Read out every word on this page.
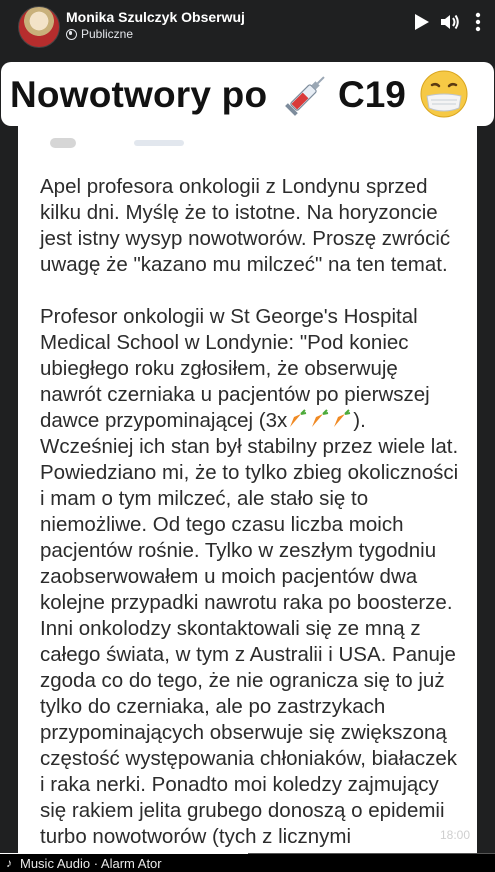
Monika Szulczyk Obserwuj
Publiczne
Nowotwory po C19

Apel profesora onkologii z Londynu sprzed
kilku dni. Myślę że to istotne. Na horyzoncie
jest istny wysyp nowotworów. Proszę zwrócić
uwagę że "kazano mu milczeć" na ten temat.

Profesor onkologii w St George's Hospital
Medical School w Londynie: "Pod koniec
ubiegłego roku zgłosiłem, że obserwuję
nawrót czerniaka u pacjentów po pierwszej
dawce przypominającej (3x	).
Wcześniej ich stan był stabilny przez wiele lat.
Powiedziano mi, że to tylko zbieg okoliczności
i mam o tym milczeć, ale stało się to
niemożliwe. Od tego czasu liczba moich
pacjentów rośnie. Tylko w zeszłym tygodniu
zaobserwowałem u moich pacjentów dwa
kolejne przypadki nawrotu raka po boosterze.
Inni onkolodzy skontaktowali się ze mną z
całego świata, w tym z Australii i USA. Panuje
zgoda co do tego, że nie ogranicza się to już
tylko do czerniaka, ale po zastrzykach
przypominających obserwuje się zwiększoną
częstość występowania chłoniaków, białaczek
i raka nerki. Ponadto moi koledzy zajmujący
się rakiem jelita grubego donoszą o epidemii
turbo nowotworów (tych z licznymi	18:00
♪ Music Audio · Alarm Ator
